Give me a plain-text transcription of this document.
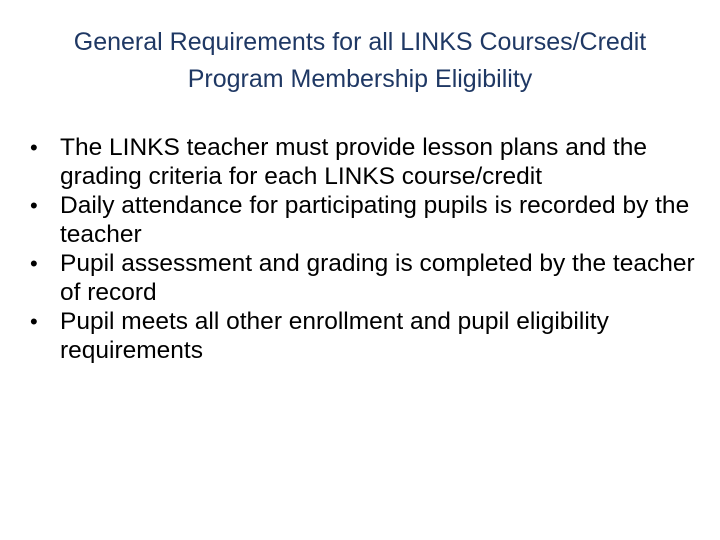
General Requirements for all LINKS Courses/Credit
Program Membership Eligibility
• The LINKS teacher must provide lesson plans and the grading criteria for each LINKS course/credit
• Daily attendance for participating pupils is recorded by the teacher
• Pupil assessment and grading is completed by the teacher of record
• Pupil meets all other enrollment and pupil eligibility requirements
